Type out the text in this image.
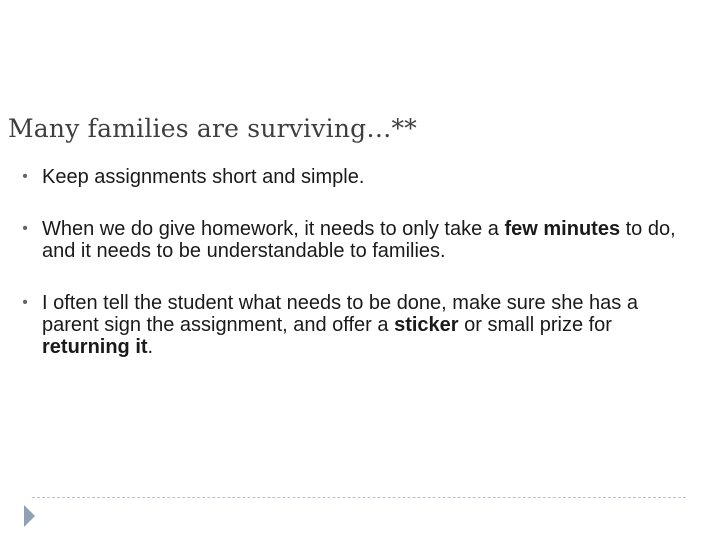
Many families are surviving…**
• Keep assignments short and simple.
• When we do give homework, it needs to only take a few minutes to do, and it needs to be understandable to families.
• I often tell the student what needs to be done, make sure she has a parent sign the assignment, and offer a sticker or small prize for returning it.
